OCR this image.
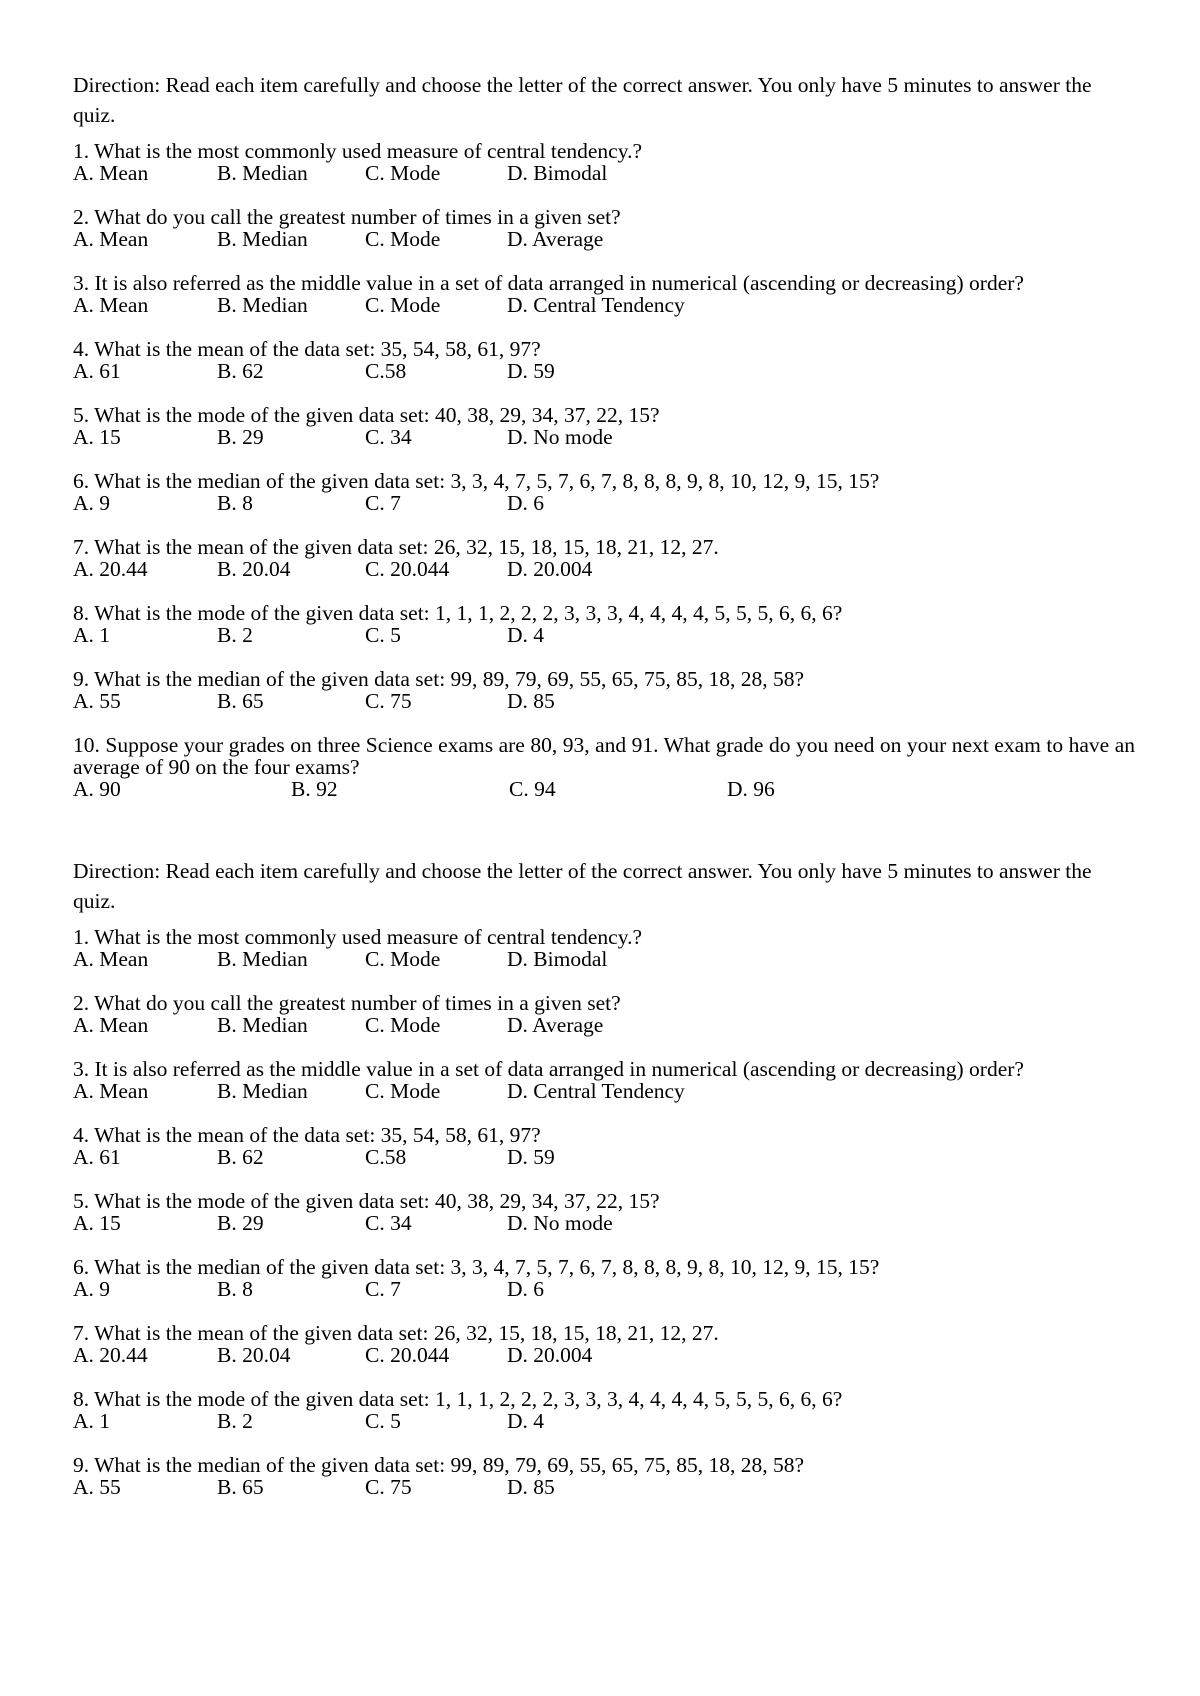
Direction: Read each item carefully and choose the letter of the correct answer. You only have 5 minutes to answer the quiz.
1. What is the most commonly used measure of central tendency.?
A. Mean	B. Median	C. Mode	D. Bimodal
2. What do you call the greatest number of times in a given set?
A. Mean	B. Median	C. Mode	D. Average
3. It is also referred as the middle value in a set of data arranged in numerical (ascending or decreasing) order?
A. Mean	B. Median	C. Mode	D. Central Tendency
4. What is the mean of the data set: 35, 54, 58, 61, 97?
A. 61	B. 62	C.58	D. 59
5. What is the mode of the given data set: 40, 38, 29, 34, 37, 22, 15?
A. 15	B. 29	C. 34	D. No mode
6. What is the median of the given data set: 3, 3, 4, 7, 5, 7, 6, 7, 8, 8, 8, 9, 8, 10, 12, 9, 15, 15?
A. 9	B. 8	C. 7	D. 6
7. What is the mean of the given data set: 26, 32, 15, 18, 15, 18, 21, 12, 27.
A. 20.44	B. 20.04	C. 20.044	D. 20.004
8. What is the mode of the given data set: 1, 1, 1, 2, 2, 2, 3, 3, 3, 4, 4, 4, 4, 5, 5, 5, 6, 6, 6?
A. 1	B. 2	C. 5	D. 4
9. What is the median of the given data set: 99, 89, 79, 69, 55, 65, 75, 85, 18, 28, 58?
A. 55	B. 65	C. 75	D. 85
10. Suppose your grades on three Science exams are 80, 93, and 91. What grade do you need on your next exam to have an average of 90 on the four exams?
A. 90	B. 92	C. 94	D. 96
Direction: Read each item carefully and choose the letter of the correct answer. You only have 5 minutes to answer the quiz.
1. What is the most commonly used measure of central tendency.?
A. Mean	B. Median	C. Mode	D. Bimodal
2. What do you call the greatest number of times in a given set?
A. Mean	B. Median	C. Mode	D. Average
3. It is also referred as the middle value in a set of data arranged in numerical (ascending or decreasing) order?
A. Mean	B. Median	C. Mode	D. Central Tendency
4. What is the mean of the data set: 35, 54, 58, 61, 97?
A. 61	B. 62	C.58	D. 59
5. What is the mode of the given data set: 40, 38, 29, 34, 37, 22, 15?
A. 15	B. 29	C. 34	D. No mode
6. What is the median of the given data set: 3, 3, 4, 7, 5, 7, 6, 7, 8, 8, 8, 9, 8, 10, 12, 9, 15, 15?
A. 9	B. 8	C. 7	D. 6
7. What is the mean of the given data set: 26, 32, 15, 18, 15, 18, 21, 12, 27.
A. 20.44	B. 20.04	C. 20.044	D. 20.004
8. What is the mode of the given data set: 1, 1, 1, 2, 2, 2, 3, 3, 3, 4, 4, 4, 4, 5, 5, 5, 6, 6, 6?
A. 1	B. 2	C. 5	D. 4
9. What is the median of the given data set: 99, 89, 79, 69, 55, 65, 75, 85, 18, 28, 58?
A. 55	B. 65	C. 75	D. 85
